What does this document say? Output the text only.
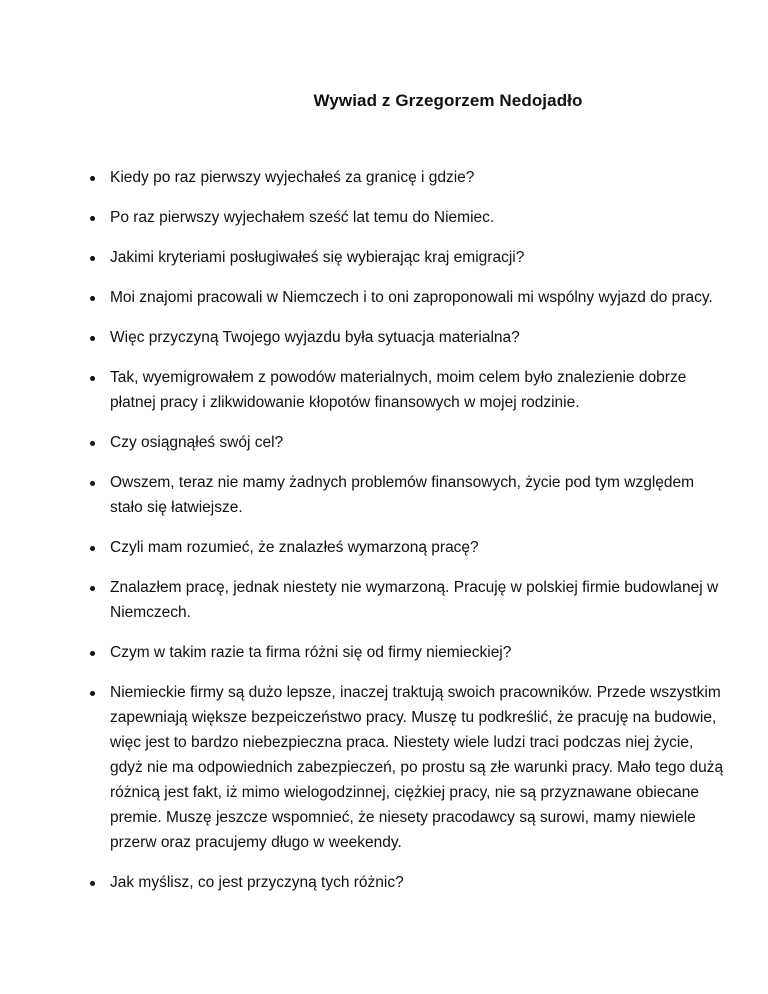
Wywiad z Grzegorzem Nedojadło
Kiedy po raz pierwszy wyjechałeś za granicę i gdzie?
Po raz pierwszy wyjechałem sześć lat temu do Niemiec.
Jakimi kryteriami posługiwałeś się wybierając kraj emigracji?
Moi znajomi pracowali w Niemczech i to oni zaproponowali mi wspólny wyjazd do pracy.
Więc przyczyną Twojego wyjazdu była sytuacja materialna?
Tak, wyemigrowałem z powodów materialnych, moim celem było znalezienie dobrze płatnej pracy i zlikwidowanie kłopotów finansowych w mojej rodzinie.
Czy osiągnąłeś swój cel?
Owszem, teraz nie mamy żadnych problemów finansowych, życie pod tym względem stało się łatwiejsze.
Czyli mam rozumieć, że znalazłeś wymarzoną pracę?
Znalazłem pracę, jednak niestety nie wymarzoną. Pracuję w polskiej firmie budowlanej w Niemczech.
Czym w takim razie ta firma różni się od firmy niemieckiej?
Niemieckie firmy są dużo lepsze, inaczej traktują swoich pracowników. Przede wszystkim zapewniają większe bezpeiczeństwo pracy. Muszę tu podkreślić, że pracuję na budowie, więc jest to bardzo niebezpieczna praca. Niestety wiele ludzi traci podczas niej życie, gdyż nie ma odpowiednich zabezpieczeń, po prostu są złe warunki pracy. Mało tego dużą różnicą jest fakt, iż mimo wielogodzinnej, ciężkiej pracy, nie są przyznawane obiecane premie. Muszę jeszcze wspomnieć, że niesety pracodawcy są surowi, mamy niewiele przerw oraz pracujemy długo w weekendy.
Jak myślisz, co jest przyczyną tych różnic?
